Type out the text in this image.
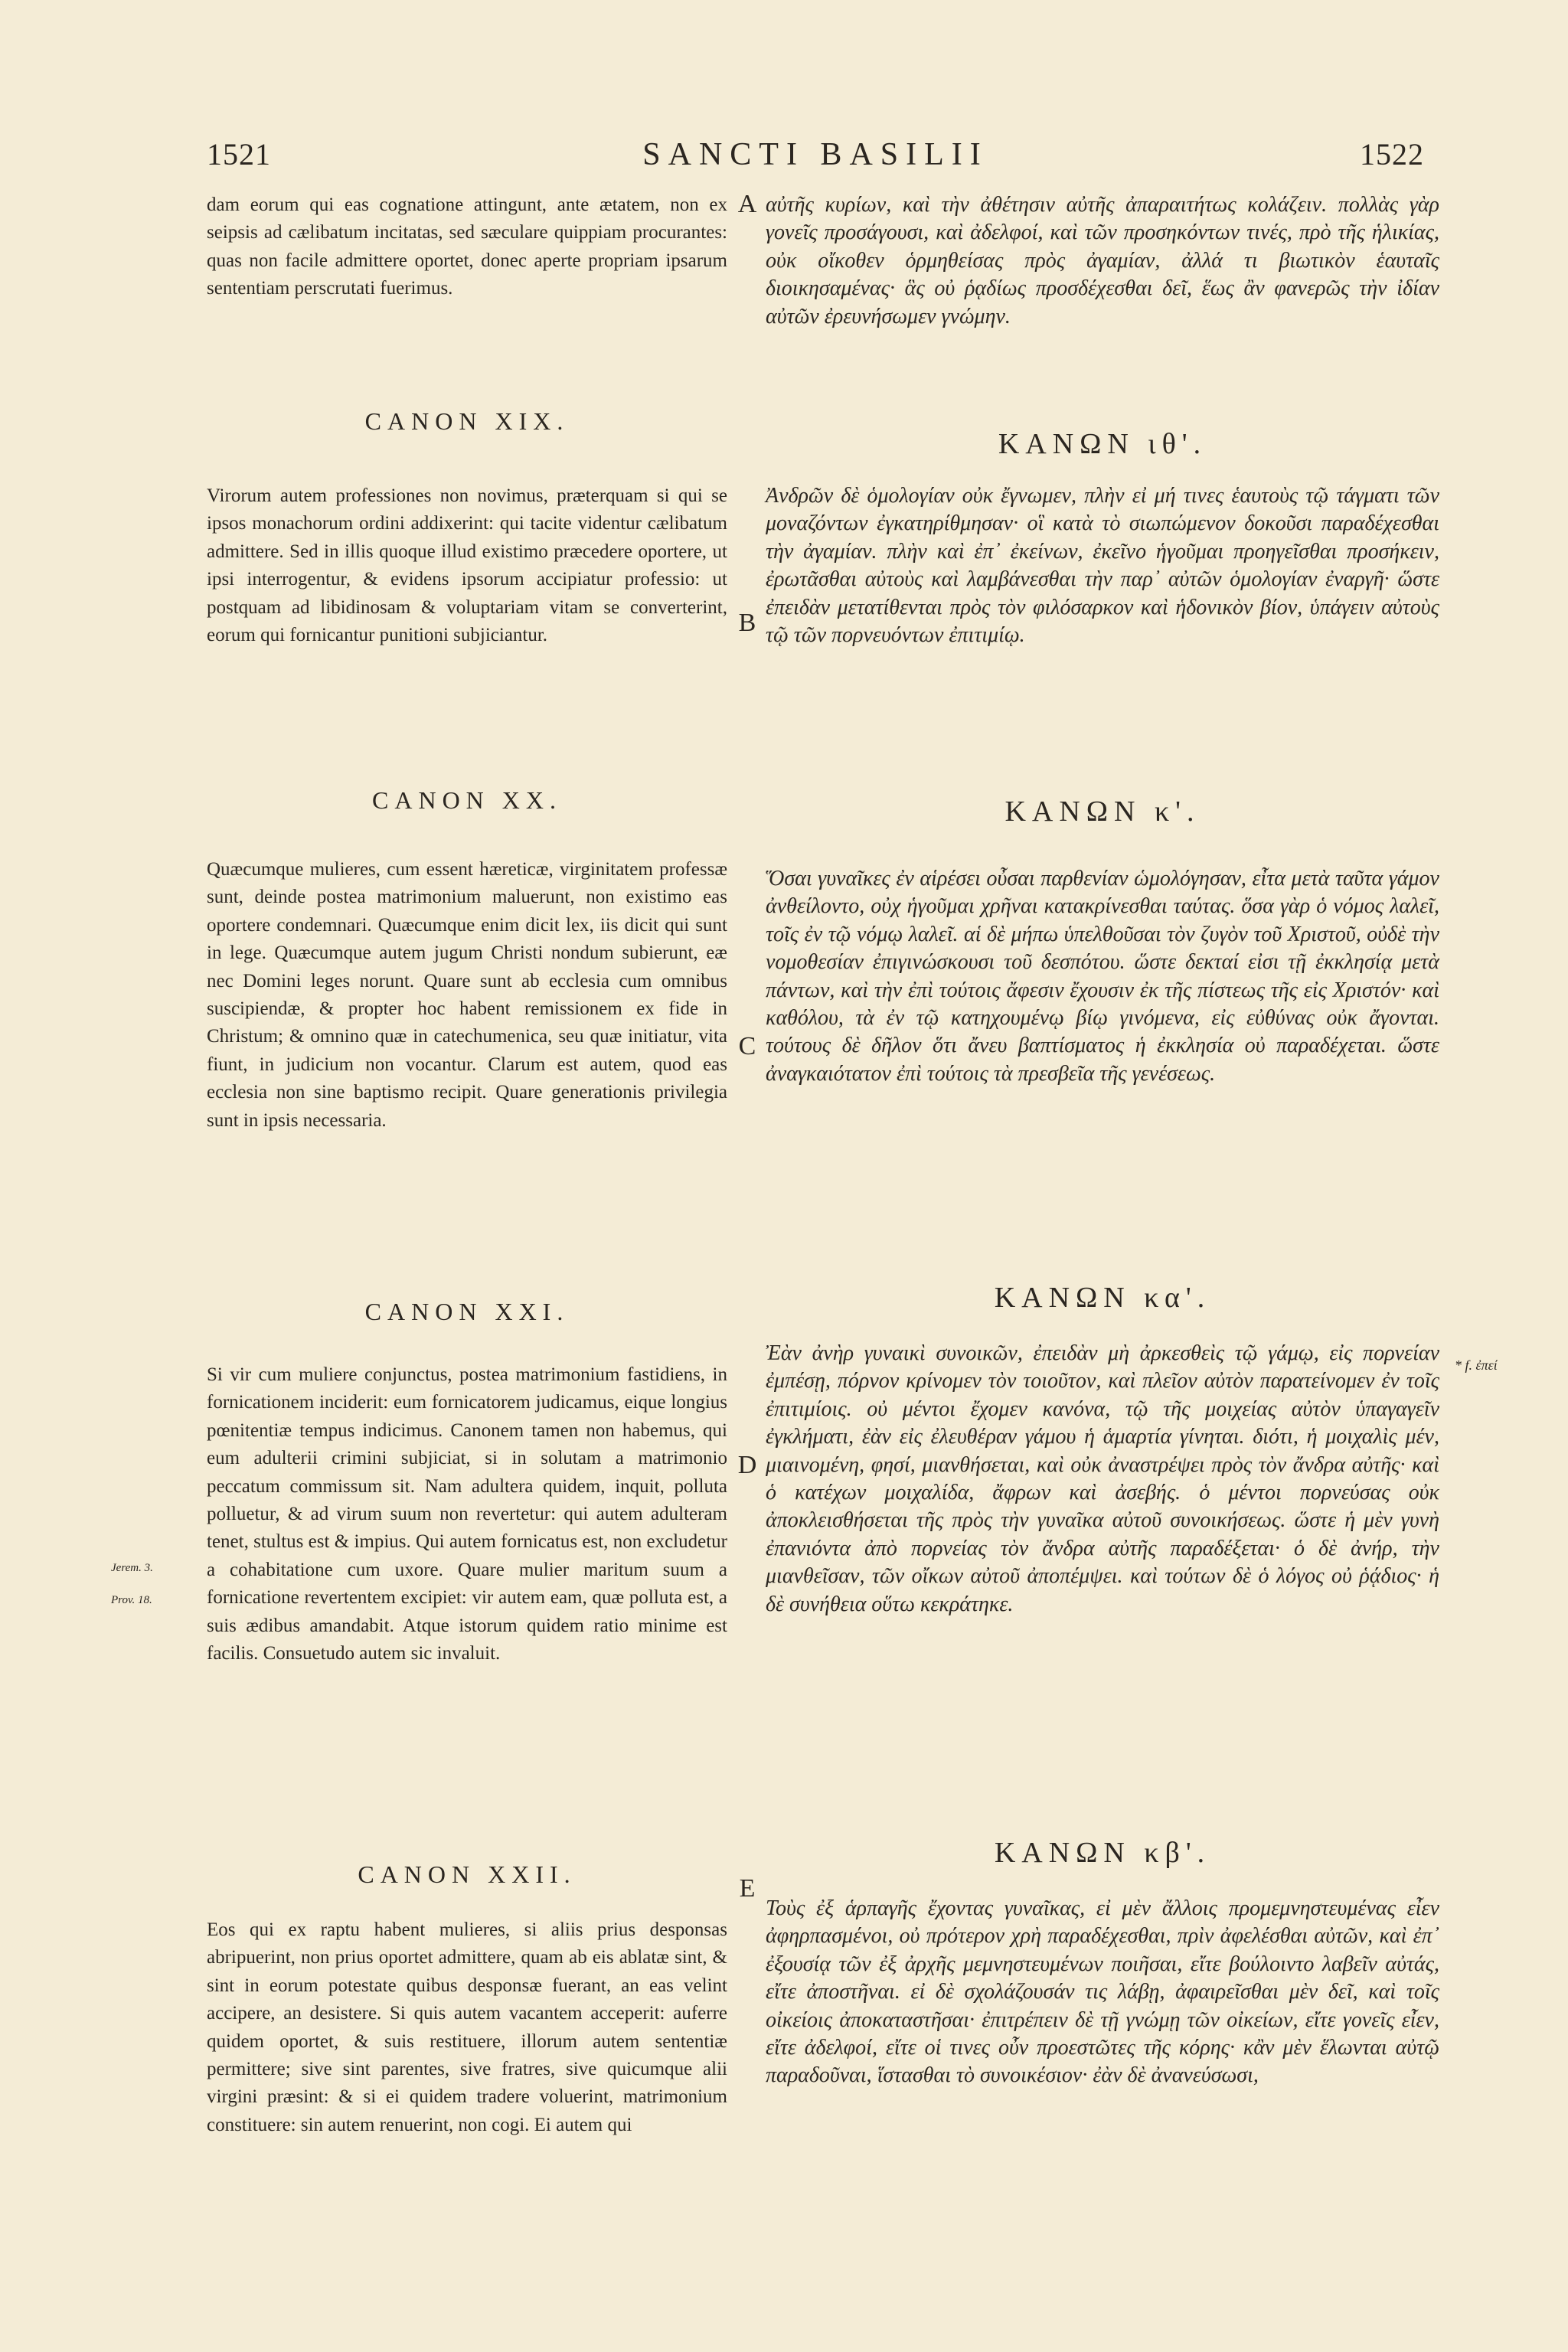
1521	SANCTI BASILII	1522

dam eorum qui eas cognatione attingunt, ante ætatem, non ex seipsis ad cælibatum incitatas, sed sæculare quippiam procurantes: quas non facile admittere oportet, donec aperte propriam ipsarum sententiam perscrutati fuerimus.

CANON XIX.

Virorum autem professiones non novimus, præterquam si qui se ipsos monachorum ordini addixerint: qui tacite videntur cælibatum admittere. Sed in illis quoque illud existimo præcedere oportere, ut ipsi interrogentur, & evidens ipsorum accipiatur professio: ut postquam ad libidinosam & voluptariam vitam se converterint, eorum qui fornicantur punitioni subjiciantur.

CANON XX.

Quæcumque mulieres, cum essent hæreticæ, virginitatem professæ sunt, deinde postea matrimonium maluerunt, non existimo eas oportere condemnari. Quæcumque enim dicit lex, iis dicit qui sunt in lege. Quæcumque autem jugum Christi nondum subierunt, eæ nec Domini leges norunt. Quare sunt ab ecclesia cum omnibus suscipiendæ, & propter hoc habent remissionem ex fide in Christum; & omnino quæ in catechumenica, seu quæ initiatur, vita fiunt, in judicium non vocantur. Clarum est autem, quod eas ecclesia non sine baptismo recipit. Quare generationis privilegia sunt in ipsis necessaria.

CANON XXI.

Si vir cum muliere conjunctus, postea matrimonium fastidiens, in fornicationem inciderit: eum fornicatorem judicamus, eique longius pœnitentiæ tempus indicimus. Canonem tamen non habemus, qui eum adulterii crimini subjiciat, si in solutam a matrimonio peccatum commissum sit. Nam adultera quidem, inquit, polluta polluetur, & ad virum suum non revertetur: qui autem adulteram tenet, stultus est & impius. Qui autem fornicatus est, non excludetur a cohabitatione cum uxore. Quare mulier maritum suum a fornicatione revertentem excipiet: vir autem eam, quæ polluta est, a suis ædibus amandabit. Atque istorum quidem ratio minime est facilis. Consuetudo autem sic invaluit.

CANON XXII.

Eos qui ex raptu habent mulieres, si aliis prius desponsas abripuerint, non prius oportet admittere, quam ab eis ablatæ sint, & sint in eorum potestate quibus desponsæ fuerant, an eas velint accipere, an desistere. Si quis autem vacantem acceperit: auferre quidem oportet, & suis restituere, illorum autem sententiæ permittere; sive sint parentes, sive fratres, sive quicumque alii virgini præsint: & si ei quidem tradere voluerint, matrimonium constituere: sin autem renuerint, non cogi. Ei autem qui

αὐτῆς κυρίων, καὶ τὴν ἀθέτησιν αὐτῆς ἀπαραιτήτως κολάζειν. πολλὰς γὰρ γονεῖς προσάγουσι, καὶ ἀδελφοί, καὶ τῶν προσηκόντων τινές, πρὸ τῆς ἡλικίας, οὐκ οἴκοθεν ὁρμηθείσας πρὸς ἀγαμίαν, ἀλλά τι βιωτικὸν ἑαυταῖς διοικησαμένας· ἃς οὐ ῥᾳδίως προσδέχεσθαι δεῖ, ἕως ἂν φανερῶς τὴν ἰδίαν αὐτῶν ἐρευνήσωμεν γνώμην.

ΚΑΝΩΝ ιθ'.

Ἀνδρῶν δὲ ὁμολογίαν οὐκ ἔγνωμεν, πλὴν εἰ μή τινες ἑαυτοὺς τῷ τάγματι τῶν μοναζόντων ἐγκατηρίθμησαν· οἳ κατὰ τὸ σιωπώμενον δοκοῦσι παραδέχεσθαι τὴν ἀγαμίαν. πλὴν καὶ ἐπ᾽ ἐκείνων, ἐκεῖνο ἡγοῦμαι προηγεῖσθαι προσήκειν, ἐρωτᾶσθαι αὐτοὺς καὶ λαμβάνεσθαι τὴν παρ᾽ αὐτῶν ὁμολογίαν ἐναργῆ· ὥστε ἐπειδὰν μετατίθενται πρὸς τὸν φιλόσαρκον καὶ ἡδονικὸν βίον, ὑπάγειν αὐτοὺς τῷ τῶν πορνευόντων ἐπιτιμίῳ.

ΚΑΝΩΝ κ'.

Ὅσαι γυναῖκες ἐν αἱρέσει οὖσαι παρθενίαν ὡμολόγησαν, εἶτα μετὰ ταῦτα γάμον ἀνθείλοντο, οὐχ ἡγοῦμαι χρῆναι κατακρίνεσθαι ταύτας. ὅσα γὰρ ὁ νόμος λαλεῖ, τοῖς ἐν τῷ νόμῳ λαλεῖ. αἱ δὲ μήπω ὑπελθοῦσαι τὸν ζυγὸν τοῦ Χριστοῦ, οὐδὲ τὴν νομοθεσίαν ἐπιγινώσκουσι τοῦ δεσπότου. ὥστε δεκταί εἰσι τῇ ἐκκλησίᾳ μετὰ πάντων, καὶ τὴν ἐπὶ τούτοις ἄφεσιν ἔχουσιν ἐκ τῆς πίστεως τῆς εἰς Χριστόν· καὶ καθόλου, τὰ ἐν τῷ κατηχουμένῳ βίῳ γινόμενα, εἰς εὐθύνας οὐκ ἄγονται. τούτους δὲ δῆλον ὅτι ἄνευ βαπτίσματος ἡ ἐκκλησία οὐ παραδέχεται. ὥστε ἀναγκαιότατον ἐπὶ τούτοις τὰ πρεσβεῖα τῆς γενέσεως.

ΚΑΝΩΝ κα'.

Ἐὰν ἀνὴρ γυναικὶ συνοικῶν, ἐπειδὰν μὴ ἀρκεσθεὶς τῷ γάμῳ, εἰς πορνείαν ἐμπέσῃ, πόρνον κρίνομεν τὸν τοιοῦτον, καὶ πλεῖον αὐτὸν παρατείνομεν ἐν τοῖς ἐπιτιμίοις. οὐ μέντοι ἔχομεν κανόνα, τῷ τῆς μοιχείας αὐτὸν ὑπαγαγεῖν ἐγκλήματι, ἐὰν εἰς ἐλευθέραν γάμου ἡ ἁμαρτία γίνηται. διότι, ἡ μοιχαλὶς μέν, μιαινομένη, φησί, μιανθήσεται, καὶ οὐκ ἀναστρέψει πρὸς τὸν ἄνδρα αὐτῆς· καὶ ὁ κατέχων μοιχαλίδα, ἄφρων καὶ ἀσεβής. ὁ μέντοι πορνεύσας οὐκ ἀποκλεισθήσεται τῆς πρὸς τὴν γυναῖκα αὐτοῦ συνοικήσεως. ὥστε ἡ μὲν γυνὴ ἐπανιόντα ἀπὸ πορνείας τὸν ἄνδρα αὐτῆς παραδέξεται· ὁ δὲ ἀνήρ, τὴν μιανθεῖσαν, τῶν οἴκων αὐτοῦ ἀποπέμψει. καὶ τούτων δὲ ὁ λόγος οὐ ῥᾴδιος· ἡ δὲ συνήθεια οὕτω κεκράτηκε.

ΚΑΝΩΝ κβ'.

Τοὺς ἐξ ἁρπαγῆς ἔχοντας γυναῖκας, εἰ μὲν ἄλλοις προμεμνηστευμένας εἶεν ἀφηρπασμένοι, οὐ πρότερον χρὴ παραδέχεσθαι, πρὶν ἀφελέσθαι αὐτῶν, καὶ ἐπ᾽ ἐξουσίᾳ τῶν ἐξ ἀρχῆς μεμνηστευμένων ποιῆσαι, εἴτε βούλοιντο λαβεῖν αὐτάς, εἴτε ἀποστῆναι. εἰ δὲ σχολάζουσάν τις λάβῃ, ἀφαιρεῖσθαι μὲν δεῖ, καὶ τοῖς οἰκείοις ἀποκαταστῆσαι· ἐπιτρέπειν δὲ τῇ γνώμῃ τῶν οἰκείων, εἴτε γονεῖς εἶεν, εἴτε ἀδελφοί, εἴτε οἱ τινες οὖν προεστῶτες τῆς κόρης· κἂν μὲν ἕλωνται αὐτῷ παραδοῦναι, ἵστασθαι τὸ συνοικέσιον· ἐὰν δὲ ἀνανεύσωσι,

A
B
C
D
E
Jerem. 3.
Prov. 18.
* f. ἐπεί
